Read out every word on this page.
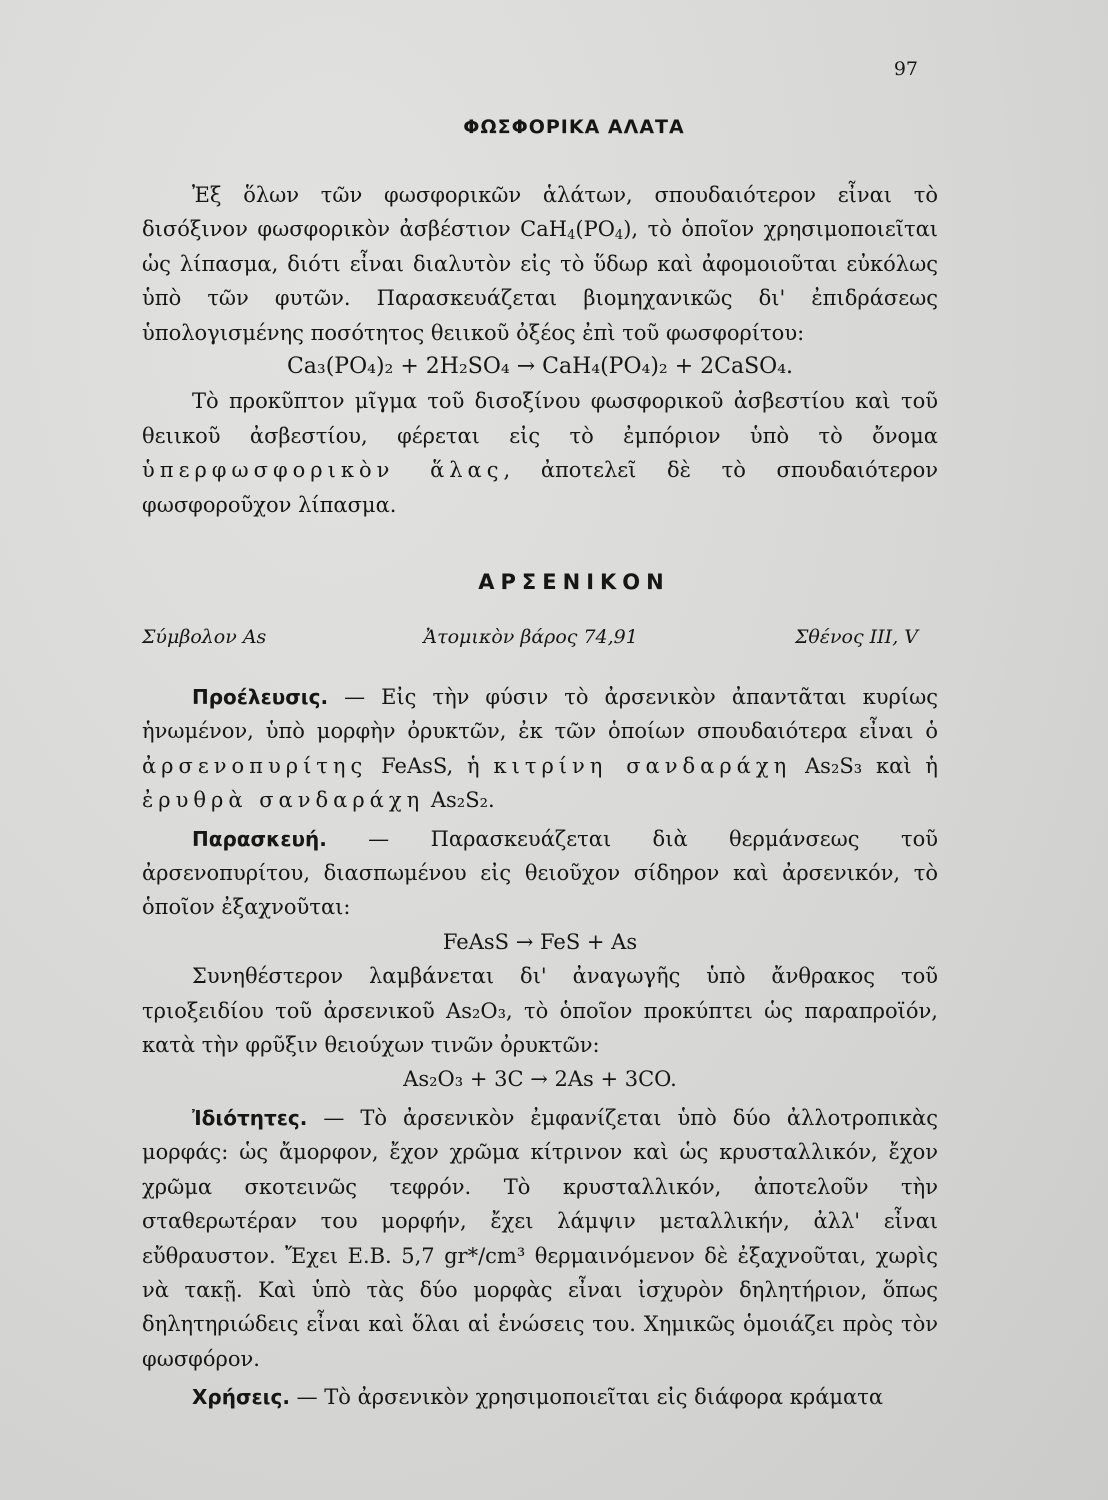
97
ΦΩΣΦΟΡΙΚΑ ΑΛΑΤΑ

Ἐξ ὅλων τῶν φωσφορικῶν ἁλάτων, σπουδαιότερον εἶναι τὸ δισόξινον φωσφορικὸν ἀσβέστιον $CaH_4(PO_4)$, τὸ ὁποῖον χρησιμοποιεῖται ὡς λίπασμα, διότι εἶναι διαλυτὸν εἰς τὸ ὕδωρ καὶ ἀφομοιοῦται εὐκόλως ὑπὸ τῶν φυτῶν. Παρασκευάζεται βιομηχανικῶς δι' ἐπιδράσεως ὑπολογισμένης ποσότητος θειικοῦ ὀξέος ἐπὶ τοῦ φωσφορίτου:

Ca₃(PO₄)₂ + 2H₂SO₄ → CaH₄(PO₄)₂ + 2CaSO₄.

Τὸ προκῦπτον μῖγμα τοῦ δισοξίνου φωσφορικοῦ ἀσβεστίου καὶ τοῦ θειικοῦ ἀσβεστίου, φέρεται εἰς τὸ ἐμπόριον ὑπὸ τὸ ὄνομα ὑπερφωσφορικὸν ἅλας, ἀποτελεῖ δὲ τὸ σπουδαιότερον φωσφοροῦχον λίπασμα.

ΑΡΣΕΝΙΚΟΝ
Σύμβολον As	Ἀτομικὸν βάρος 74,91	Σθένος III, V

Προέλευσις. — Εἰς τὴν φύσιν τὸ ἀρσενικὸν ἀπαντᾶται κυρίως ἡνωμένον, ὑπὸ μορφὴν ὀρυκτῶν, ἐκ τῶν ὁποίων σπουδαιότερα εἶναι ὁ ἀρσενοπυρίτης FeAsS, ἡ κιτρίνη σανδαράχη As₂S₃ καὶ ἡ ἐρυθρὰ σανδαράχη As₂S₂.

Παρασκευή. — Παρασκευάζεται διὰ θερμάνσεως τοῦ ἀρσενοπυρίτου, διασπωμένου εἰς θειοῦχον σίδηρον καὶ ἀρσενικόν, τὸ ὁποῖον ἐξαχνοῦται:

FeAsS → FeS + As

Συνηθέστερον λαμβάνεται δι' ἀναγωγῆς ὑπὸ ἄνθρακος τοῦ τριοξειδίου τοῦ ἀρσενικοῦ As₂O₃, τὸ ὁποῖον προκύπτει ὡς παραπροϊόν, κατὰ τὴν φρῦξιν θειούχων τινῶν ὀρυκτῶν:

As₂O₃ + 3C → 2As + 3CO.

Ἰδιότητες. — Τὸ ἀρσενικὸν ἐμφανίζεται ὑπὸ δύο ἀλλοτροπικὰς μορφάς: ὡς ἄμορφον, ἔχον χρῶμα κίτρινον καὶ ὡς κρυσταλλικόν, ἔχον χρῶμα σκοτεινῶς τεφρόν. Τὸ κρυσταλλικόν, ἀποτελοῦν τὴν σταθερωτέραν του μορφήν, ἔχει λάμψιν μεταλλικήν, ἀλλ' εἶναι εὔθραυστον. Ἔχει Ε.Β. 5,7 gr*/cm³ θερμαινόμενον δὲ ἐξαχνοῦται, χωρὶς νὰ τακῇ. Καὶ ὑπὸ τὰς δύο μορφὰς εἶναι ἰσχυρὸν δηλητήριον, ὅπως δηλητηριώδεις εἶναι καὶ ὅλαι αἱ ἑνώσεις του. Χημικῶς ὁμοιάζει πρὸς τὸν φωσφόρον.

Χρήσεις. — Τὸ ἀρσενικὸν χρησιμοποιεῖται εἰς διάφορα κράματα
